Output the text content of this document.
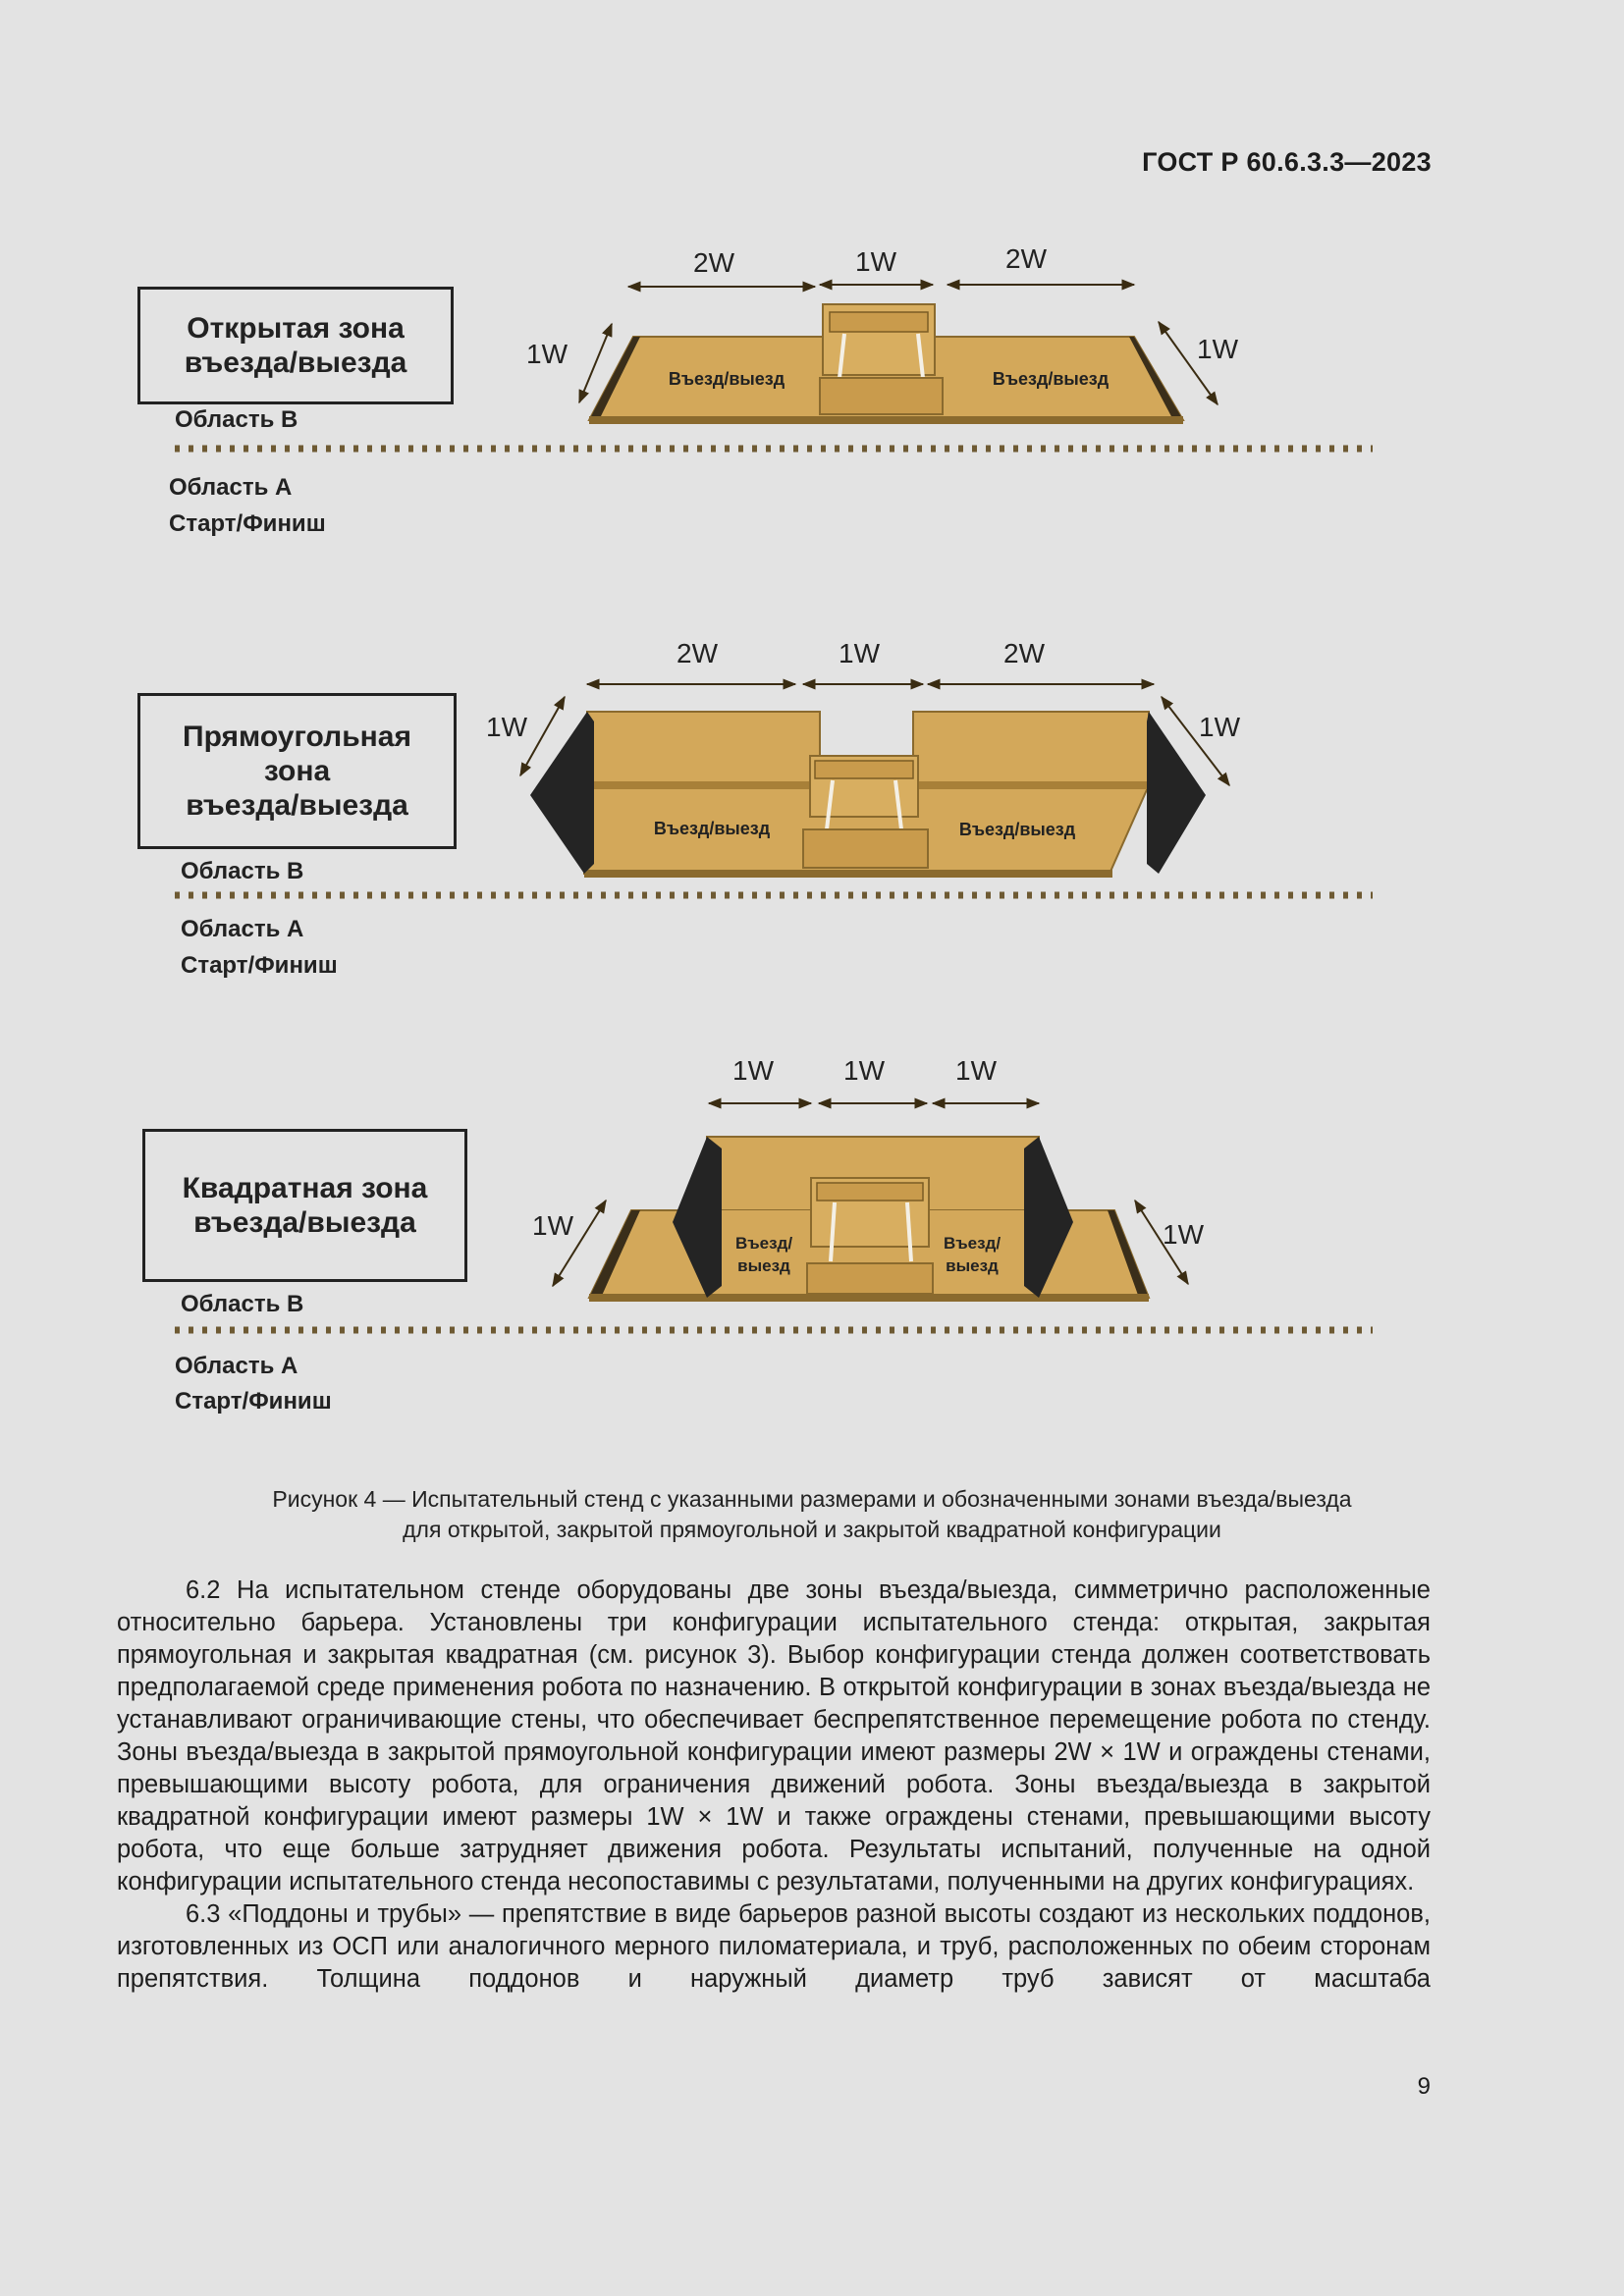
ГОСТ Р 60.6.3.3—2023
Въезд/выезд	Въезд/выезд
2W	1W	2W
1W	1W
Въезд/выезд	Въезд/выезд
2W	1W	2W
1W	1W
Въезд/
выезд
Въезд/
выезд
1W	1W	1W
1W	1W
Открытая зона
въезда/выезда
Прямоугольная
зона
въезда/выезда
Квадратная зона
въезда/выезда
Область B
Область A
Старт/Финиш
Область B
Область A
Старт/Финиш
Область B
Область A
Старт/Финиш
Рисунок 4 — Испытательный стенд с указанными размерами и обозначенными зонами въезда/выезда
для открытой, закрытой прямоугольной и закрытой квадратной конфигурации

6.2 На испытательном стенде оборудованы две зоны въезда/выезда, симметрично расположенные относительно барьера. Установлены три конфигурации испытательного стенда: открытая, закрытая прямоугольная и закрытая квадратная (см. рисунок 3). Выбор конфигурации стенда должен соответствовать предполагаемой среде применения робота по назначению. В открытой конфигурации в зонах въезда/выезда не устанавливают ограничивающие стены, что обеспечивает беспрепятственное перемещение робота по стенду. Зоны въезда/выезда в закрытой прямоугольной конфигурации имеют размеры 2W × 1W и ограждены стенами, превышающими высоту робота, для ограничения движений робота. Зоны въезда/выезда в закрытой квадратной конфигурации имеют размеры 1W × 1W и также ограждены стенами, превышающими высоту робота, что еще больше затрудняет движения робота. Результаты испытаний, полученные на одной конфигурации испытательного стенда несопоставимы с результатами, полученными на других конфигурациях.

6.3 «Поддоны и трубы» — препятствие в виде барьеров разной высоты создают из нескольких поддонов, изготовленных из ОСП или аналогичного мерного пиломатериала, и труб, расположенных по обеим сторонам препятствия. Толщина поддонов и наружный диаметр труб зависят от масштаба

9
